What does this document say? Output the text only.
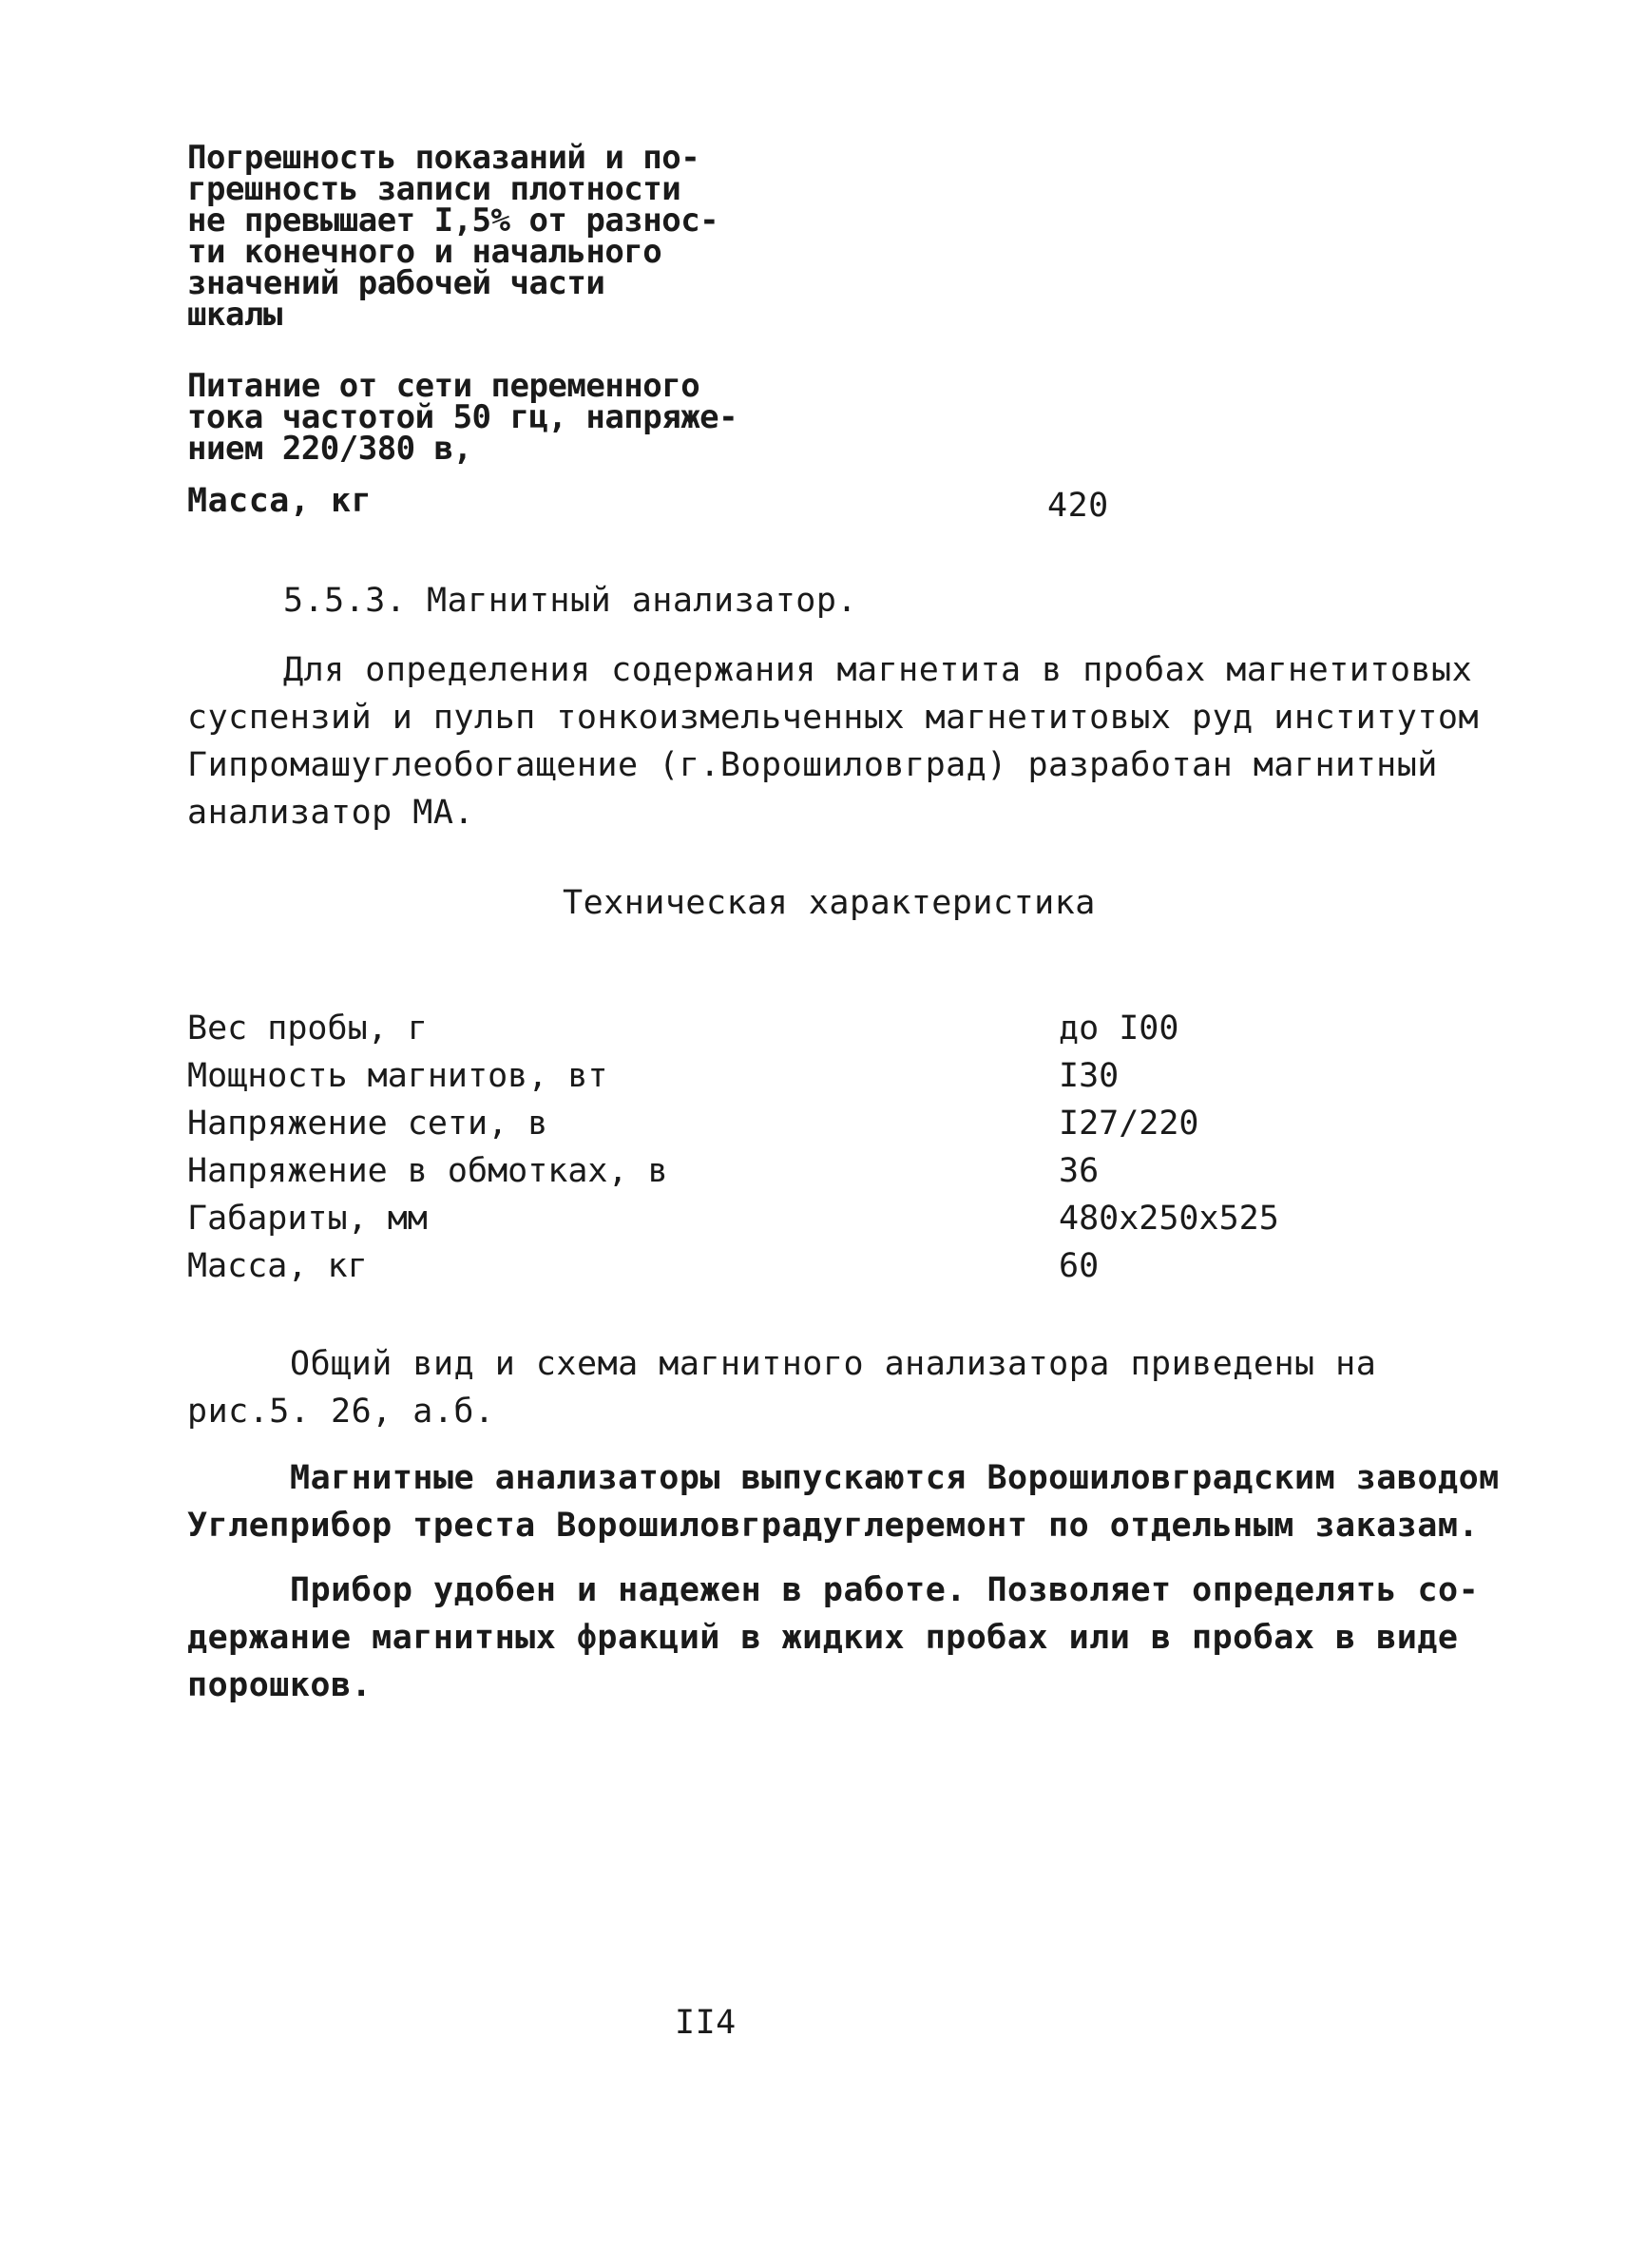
Погрешность показаний и по-
грешность записи плотности
не превышает I,5% от разнос-
ти конечного и начального
значений рабочей части
шкалы
Питание от сети переменного
тока частотой 50 гц, напряже-
нием 220/380 в,
Масса, кг	420
5.5.3. Магнитный анализатор.
Для определения содержания магнетита в пробах магнетитовых
суспензий и пульп тонкоизмельченных магнетитовых руд институтом
Гипромашуглеобогащение (г.Ворошиловград) разработан магнитный
анализатор МА.
Техническая характеристика
Вес пробы, г	до I00
Мощность магнитов, вт	I30
Напряжение сети, в	I27/220
Напряжение в обмотках, в	36
Габариты, мм	480x250x525
Масса, кг	60
Общий вид и схема магнитного анализатора приведены на
рис.5. 26, а.б.
Магнитные анализаторы выпускаются Ворошиловградским заводом
Углеприбор треста Ворошиловградуглеремонт по отдельным заказам.
Прибор удобен и надежен в работе. Позволяет определять со-
держание магнитных фракций в жидких пробах или в пробах в виде
порошков.
II4
